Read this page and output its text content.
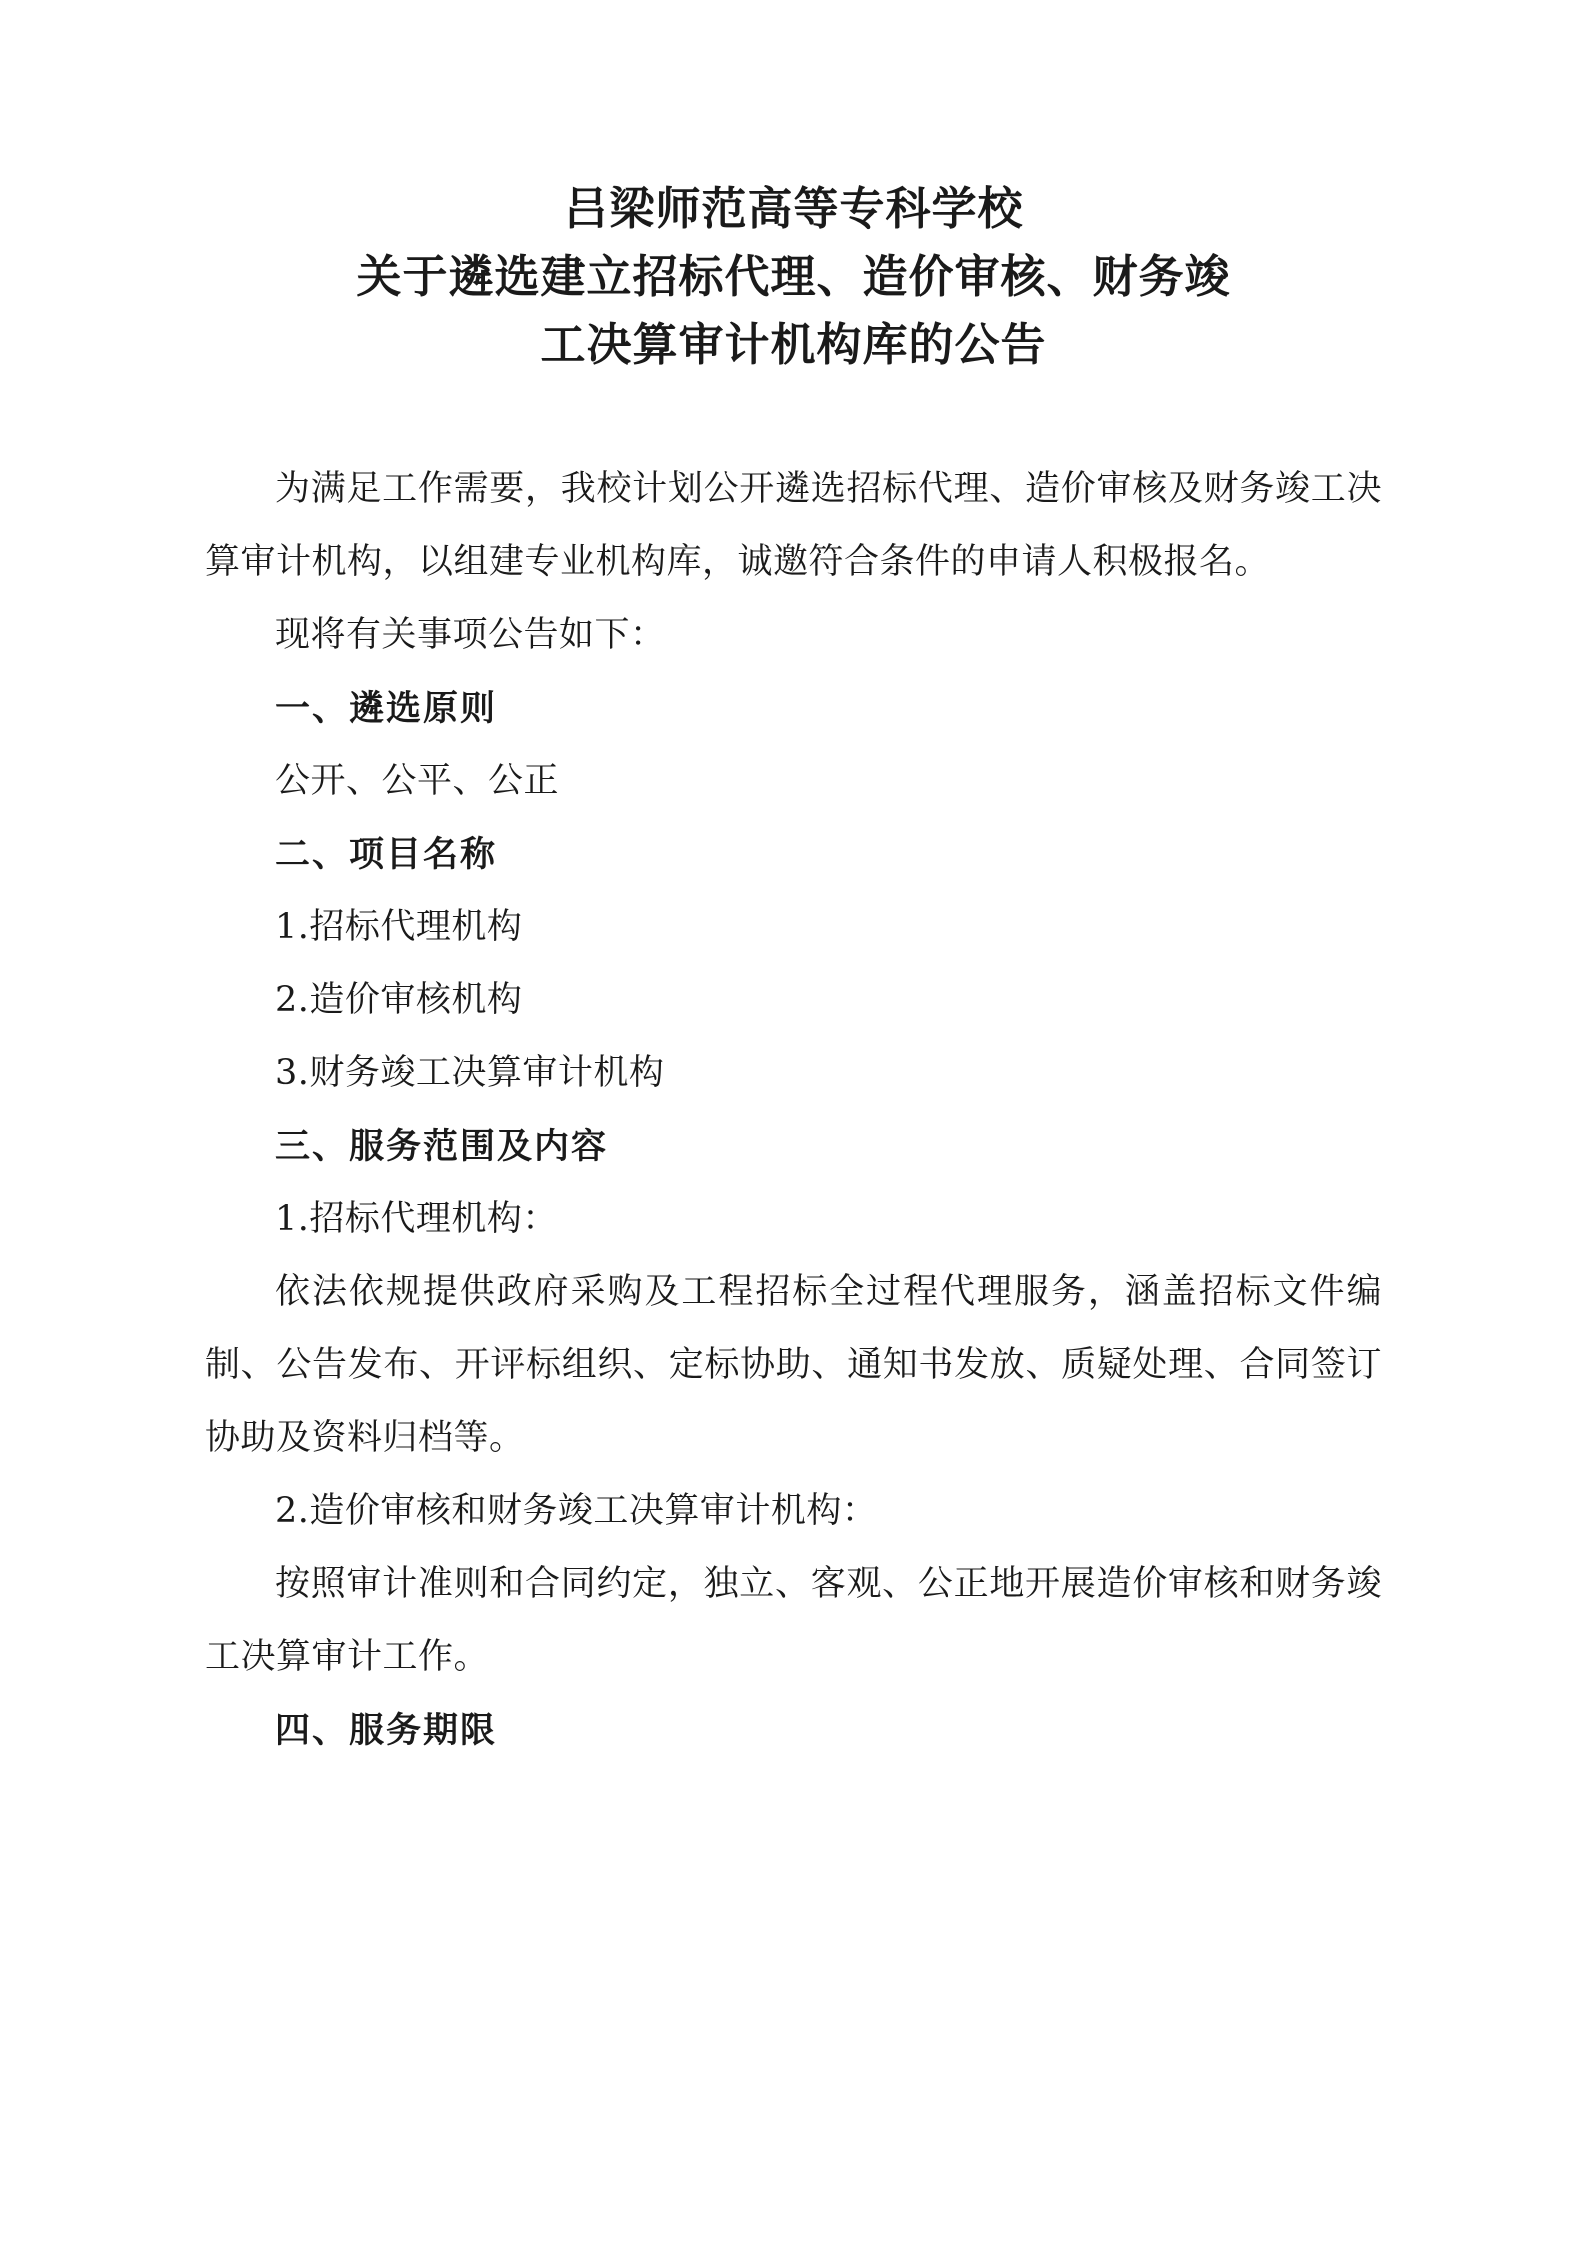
吕梁师范高等专科学校
关于遴选建立招标代理、造价审核、财务竣
工决算审计机构库的公告

为满足工作需要，我校计划公开遴选招标代理、造价审核及财务竣工决算审计机构，以组建专业机构库，诚邀符合条件的申请人积极报名。

现将有关事项公告如下：

一、遴选原则

公开、公平、公正

二、项目名称

1.招标代理机构

2.造价审核机构

3.财务竣工决算审计机构

三、服务范围及内容

1.招标代理机构：

依法依规提供政府采购及工程招标全过程代理服务，涵盖招标文件编制、公告发布、开评标组织、定标协助、通知书发放、质疑处理、合同签订协助及资料归档等。

2.造价审核和财务竣工决算审计机构：

按照审计准则和合同约定，独立、客观、公正地开展造价审核和财务竣工决算审计工作。

四、服务期限
